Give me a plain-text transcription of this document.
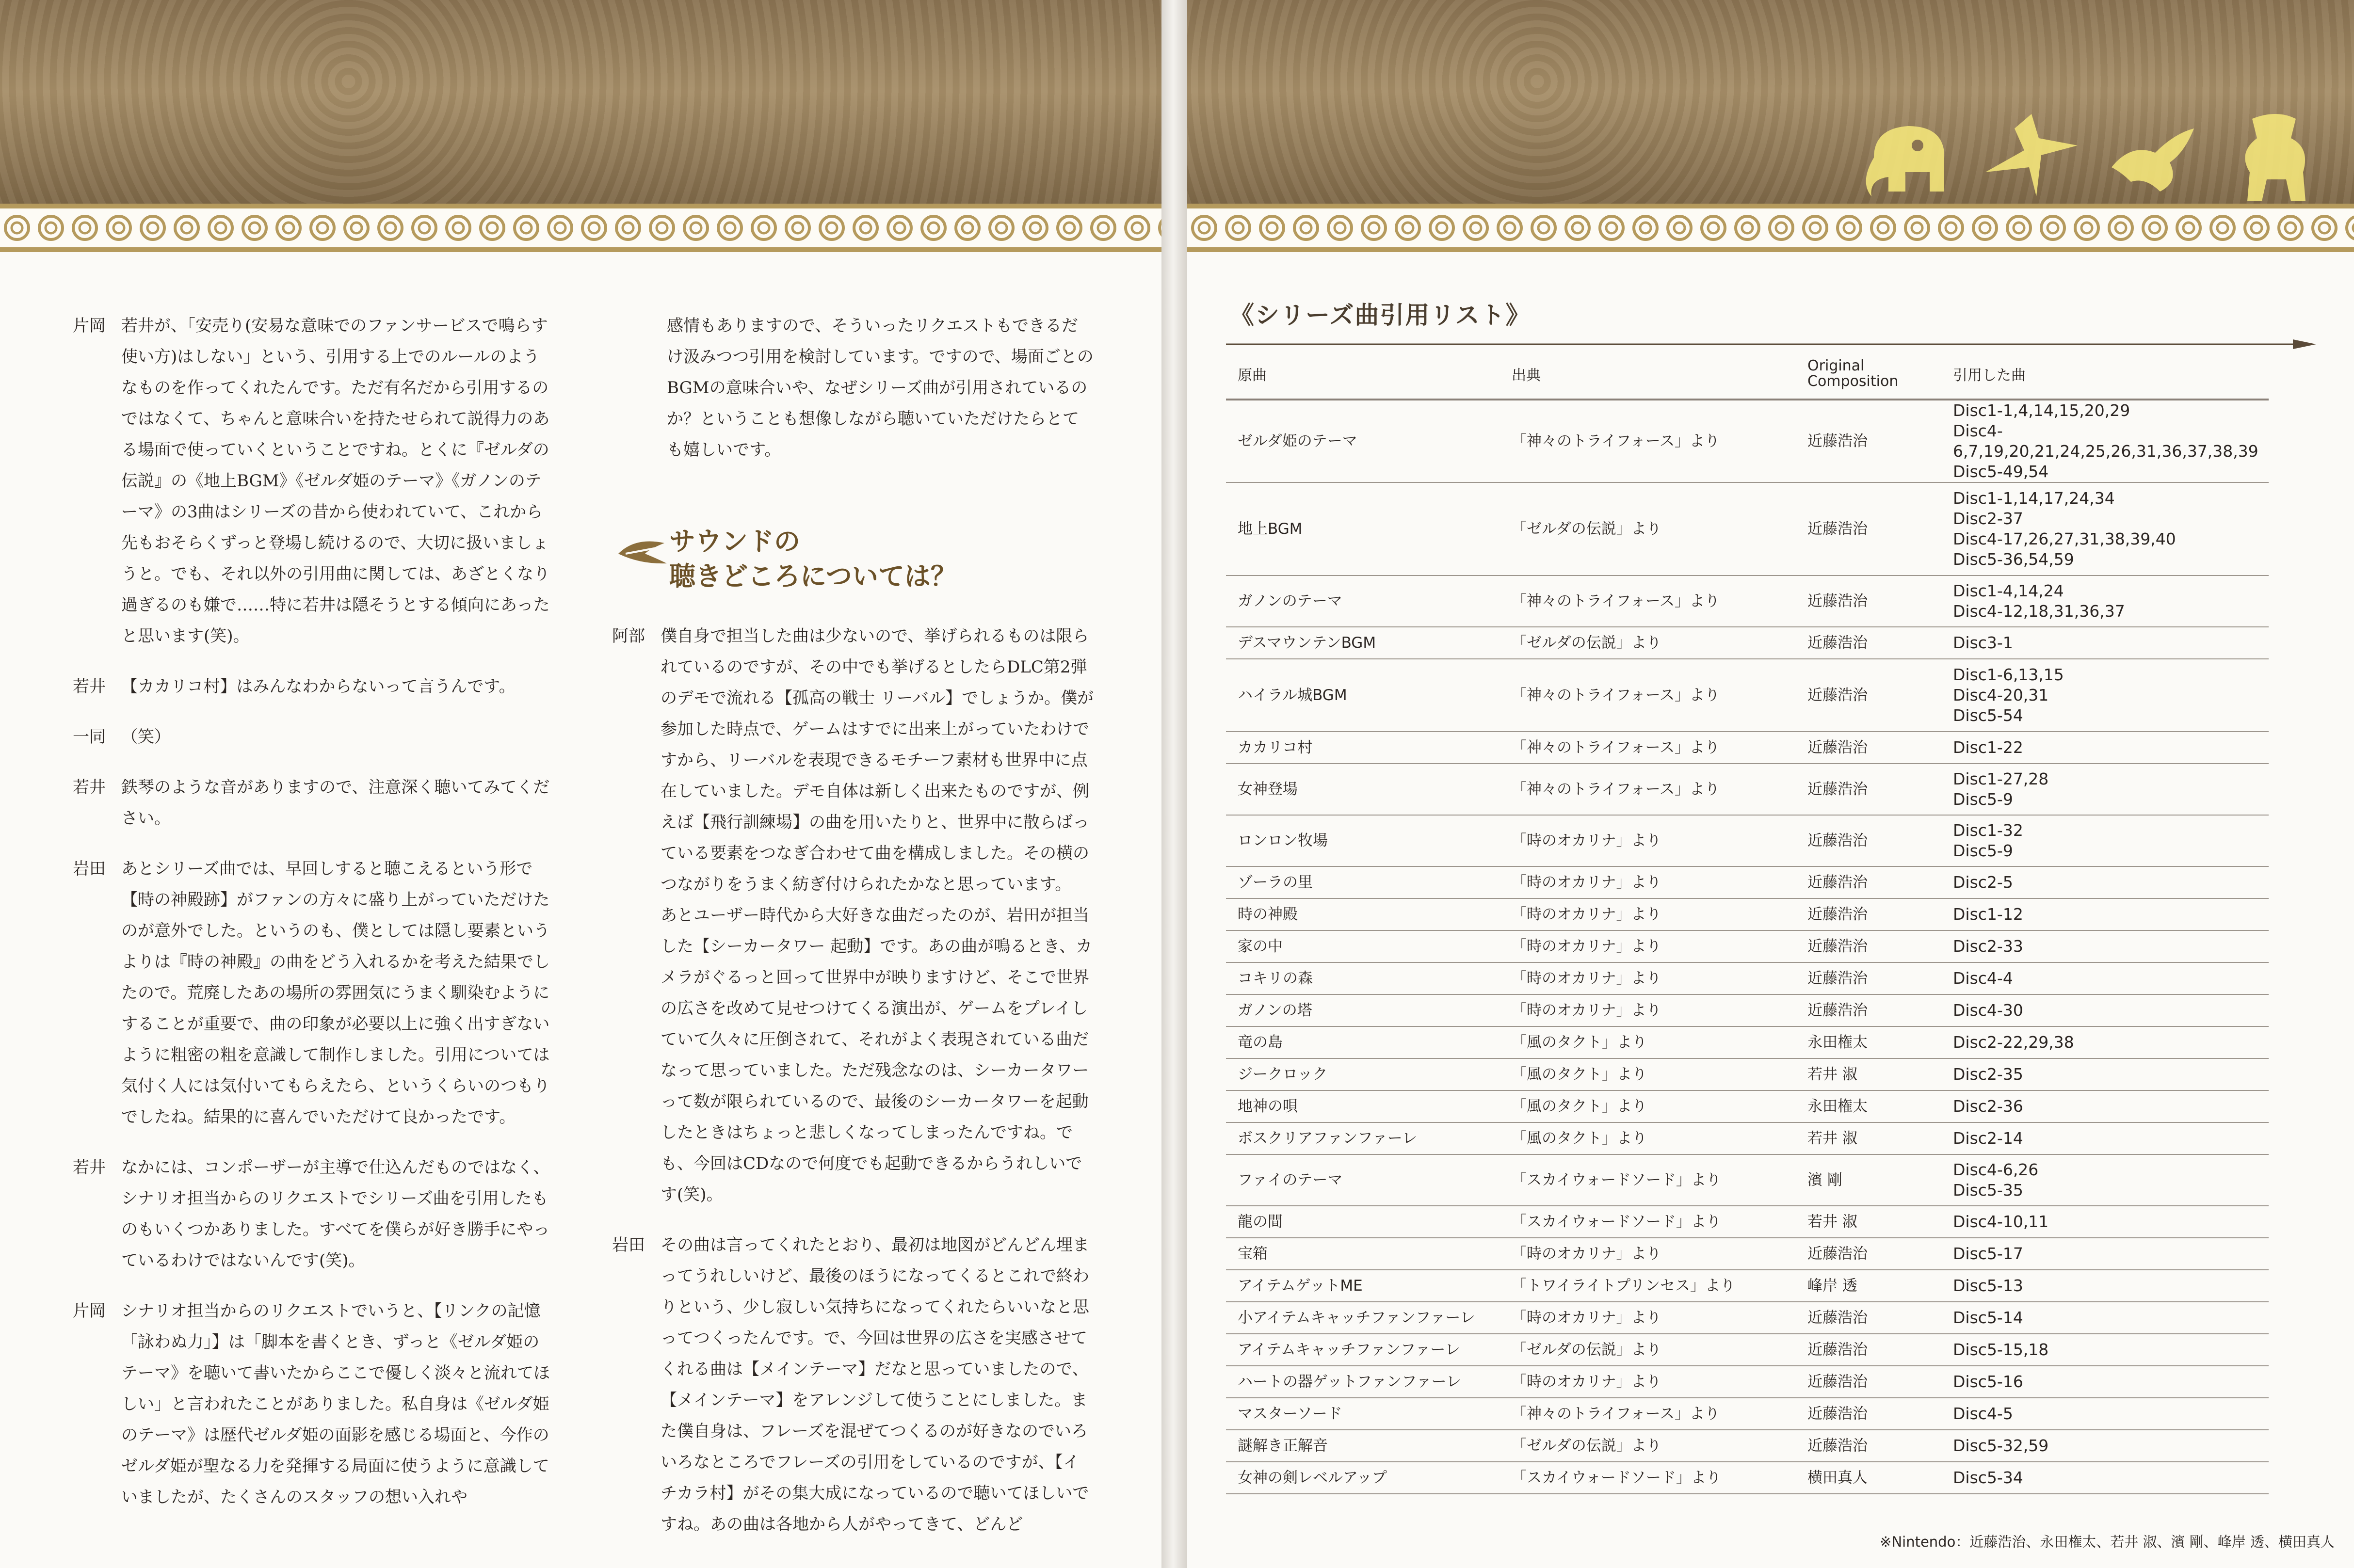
片岡 若井が、「安売り(安易な意味でのファンサービスで鳴らす使い方)はしない」という、引用する上でのルールのようなものを作ってくれたんです。ただ有名だから引用するのではなくて、ちゃんと意味合いを持たせられて説得力のある場面で使っていくということですね。とくに『ゼルダの伝説』の《地上BGM》《ゼルダ姫のテーマ》《ガノンのテーマ》の3曲はシリーズの昔から使われていて、これから先もおそらくずっと登場し続けるので、大切に扱いましょうと。でも、それ以外の引用曲に関しては、あざとくなり過ぎるのも嫌で……特に若井は隠そうとする傾向にあったと思います(笑)。
若井 【カカリコ村】はみんなわからないって言うんです。
一同 （笑）
若井 鉄琴のような音がありますので、注意深く聴いてみてください。
岩田 あとシリーズ曲では、早回しすると聴こえるという形で【時の神殿跡】がファンの方々に盛り上がっていただけたのが意外でした。というのも、僕としては隠し要素というよりは『時の神殿』の曲をどう入れるかを考えた結果でしたので。荒廃したあの場所の雰囲気にうまく馴染むようにすることが重要で、曲の印象が必要以上に強く出すぎないように粗密の粗を意識して制作しました。引用については気付く人には気付いてもらえたら、というくらいのつもりでしたね。結果的に喜んでいただけて良かったです。
若井 なかには、コンポーザーが主導で仕込んだものではなく、シナリオ担当からのリクエストでシリーズ曲を引用したものもいくつかありました。すべてを僕らが好き勝手にやっているわけではないんです(笑)。
片岡 シナリオ担当からのリクエストでいうと、【リンクの記憶「詠わぬ力」】は「脚本を書くとき、ずっと《ゼルダ姫のテーマ》を聴いて書いたからここで優しく淡々と流れてほしい」と言われたことがありました。私自身は《ゼルダ姫のテーマ》は歴代ゼルダ姫の面影を感じる場面と、今作のゼルダ姫が聖なる力を発揮する局面に使うように意識していましたが、たくさんのスタッフの想い入れや
感情もありますので、そういったリクエストもできるだけ汲みつつ引用を検討しています。ですので、場面ごとのBGMの意味合いや、なぜシリーズ曲が引用されているのか？ということも想像しながら聴いていただけたらとても嬉しいです。
サウンドの
聴きどころについては？
阿部 僕自身で担当した曲は少ないので、挙げられるものは限られているのですが、その中でも挙げるとしたらDLC第2弾のデモで流れる【孤高の戦士 リーバル】でしょうか。僕が参加した時点で、ゲームはすでに出来上がっていたわけですから、リーバルを表現できるモチーフ素材も世界中に点在していました。デモ自体は新しく出来たものですが、例えば【飛行訓練場】の曲を用いたりと、世界中に散らばっている要素をつなぎ合わせて曲を構成しました。その横のつながりをうまく紡ぎ付けられたかなと思っています。
あとユーザー時代から大好きな曲だったのが、岩田が担当した【シーカータワー 起動】です。あの曲が鳴るとき、カメラがぐるっと回って世界中が映りますけど、そこで世界の広さを改めて見せつけてくる演出が、ゲームをプレイしていて久々に圧倒されて、それがよく表現されている曲だなって思っていました。ただ残念なのは、シーカータワーって数が限られているので、最後のシーカータワーを起動したときはちょっと悲しくなってしまったんですね。でも、今回はCDなので何度でも起動できるからうれしいです(笑)。
岩田 その曲は言ってくれたとおり、最初は地図がどんどん埋まってうれしいけど、最後のほうになってくるとこれで終わりという、少し寂しい気持ちになってくれたらいいなと思ってつくったんです。で、今回は世界の広さを実感させてくれる曲は【メインテーマ】だなと思っていましたので、【メインテーマ】をアレンジして使うことにしました。また僕自身は、フレーズを混ぜてつくるのが好きなのでいろいろなところでフレーズの引用をしているのですが、【イチカラ村】がその集大成になっているので聴いてほしいですね。あの曲は各地から人がやってきて、どんど
《シリーズ曲引用リスト》
原曲	出典	Original Composition	引用した曲
ゼルダ姫のテーマ	「神々のトライフォース」より	近藤浩治	Disc1-1,4,14,15,20,29
Disc4-6,7,19,20,21,24,25,26,31,36,37,38,39
Disc5-49,54

地上BGM	「ゼルダの伝説」より	近藤浩治	Disc1-1,14,17,24,34
Disc2-37
Disc4-17,26,27,31,38,39,40
Disc5-36,54,59

ガノンのテーマ	「神々のトライフォース」より	近藤浩治	Disc1-4,14,24
Disc4-12,18,31,36,37

デスマウンテンBGM	「ゼルダの伝説」より	近藤浩治	Disc3-1

ハイラル城BGM	「神々のトライフォース」より	近藤浩治	Disc1-6,13,15
Disc4-20,31
Disc5-54

カカリコ村	「神々のトライフォース」より	近藤浩治	Disc1-22

女神登場	「神々のトライフォース」より	近藤浩治	Disc1-27,28
Disc5-9

ロンロン牧場	「時のオカリナ」より	近藤浩治	Disc1-32
Disc5-9

ゾーラの里	「時のオカリナ」より	近藤浩治	Disc2-5

時の神殿	「時のオカリナ」より	近藤浩治	Disc1-12

家の中	「時のオカリナ」より	近藤浩治	Disc2-33

コキリの森	「時のオカリナ」より	近藤浩治	Disc4-4

ガノンの塔	「時のオカリナ」より	近藤浩治	Disc4-30

竜の島	「風のタクト」より	永田権太	Disc2-22,29,38

ジークロック	「風のタクト」より	若井 淑	Disc2-35

地神の唄	「風のタクト」より	永田権太	Disc2-36

ボスクリアファンファーレ	「風のタクト」より	若井 淑	Disc2-14

ファイのテーマ	「スカイウォードソード」より	濱 剛	Disc4-6,26
Disc5-35

龍の間	「スカイウォードソード」より	若井 淑	Disc4-10,11

宝箱	「時のオカリナ」より	近藤浩治	Disc5-17

アイテムゲットME	「トワイライトプリンセス」より	峰岸 透	Disc5-13

小アイテムキャッチファンファーレ	「時のオカリナ」より	近藤浩治	Disc5-14

アイテムキャッチファンファーレ	「ゼルダの伝説」より	近藤浩治	Disc5-15,18

ハートの器ゲットファンファーレ	「時のオカリナ」より	近藤浩治	Disc5-16

マスターソード	「神々のトライフォース」より	近藤浩治	Disc4-5

謎解き正解音	「ゼルダの伝説」より	近藤浩治	Disc5-32,59

女神の剣レベルアップ	「スカイウォードソード」より	横田真人	Disc5-34
※Nintendo：近藤浩治、永田権太、若井 淑、濱 剛、峰岸 透、横田真人
